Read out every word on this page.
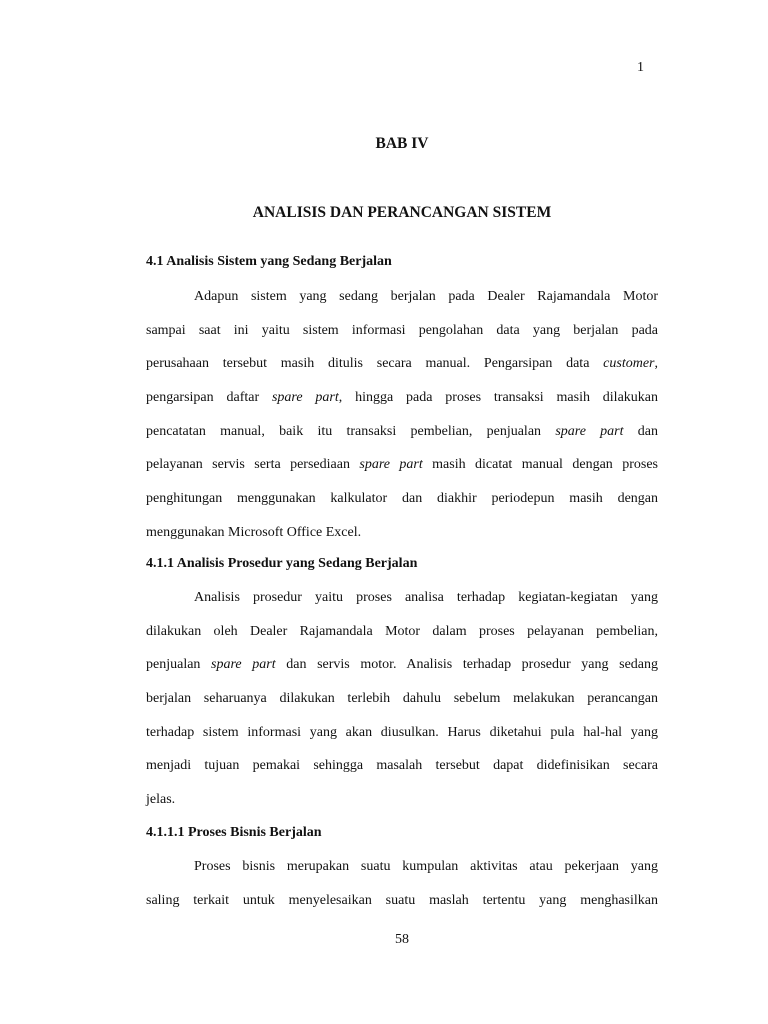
1
BAB IV
ANALISIS DAN PERANCANGAN SISTEM
4.1 Analisis Sistem yang Sedang Berjalan
Adapun sistem yang sedang berjalan pada Dealer Rajamandala Motor
sampai saat ini yaitu sistem informasi pengolahan data yang berjalan pada
perusahaan tersebut masih ditulis secara manual. Pengarsipan data customer,
pengarsipan daftar spare part, hingga pada proses transaksi masih dilakukan
pencatatan manual, baik itu transaksi pembelian, penjualan spare part dan
pelayanan servis serta persediaan spare part masih dicatat manual dengan proses
penghitungan menggunakan kalkulator dan diakhir periodepun masih dengan
menggunakan Microsoft Office Excel.
4.1.1 Analisis Prosedur yang Sedang Berjalan
Analisis prosedur yaitu proses analisa terhadap kegiatan-kegiatan yang
dilakukan oleh Dealer Rajamandala Motor dalam proses pelayanan pembelian,
penjualan spare part dan servis motor. Analisis terhadap prosedur yang sedang
berjalan seharuanya dilakukan terlebih dahulu sebelum melakukan perancangan
terhadap sistem informasi yang akan diusulkan. Harus diketahui pula hal-hal yang
menjadi tujuan pemakai sehingga masalah tersebut dapat didefinisikan secara
jelas.
4.1.1.1 Proses Bisnis Berjalan
Proses bisnis merupakan suatu kumpulan aktivitas atau pekerjaan yang
saling terkait untuk menyelesaikan suatu maslah tertentu yang menghasilkan
58
